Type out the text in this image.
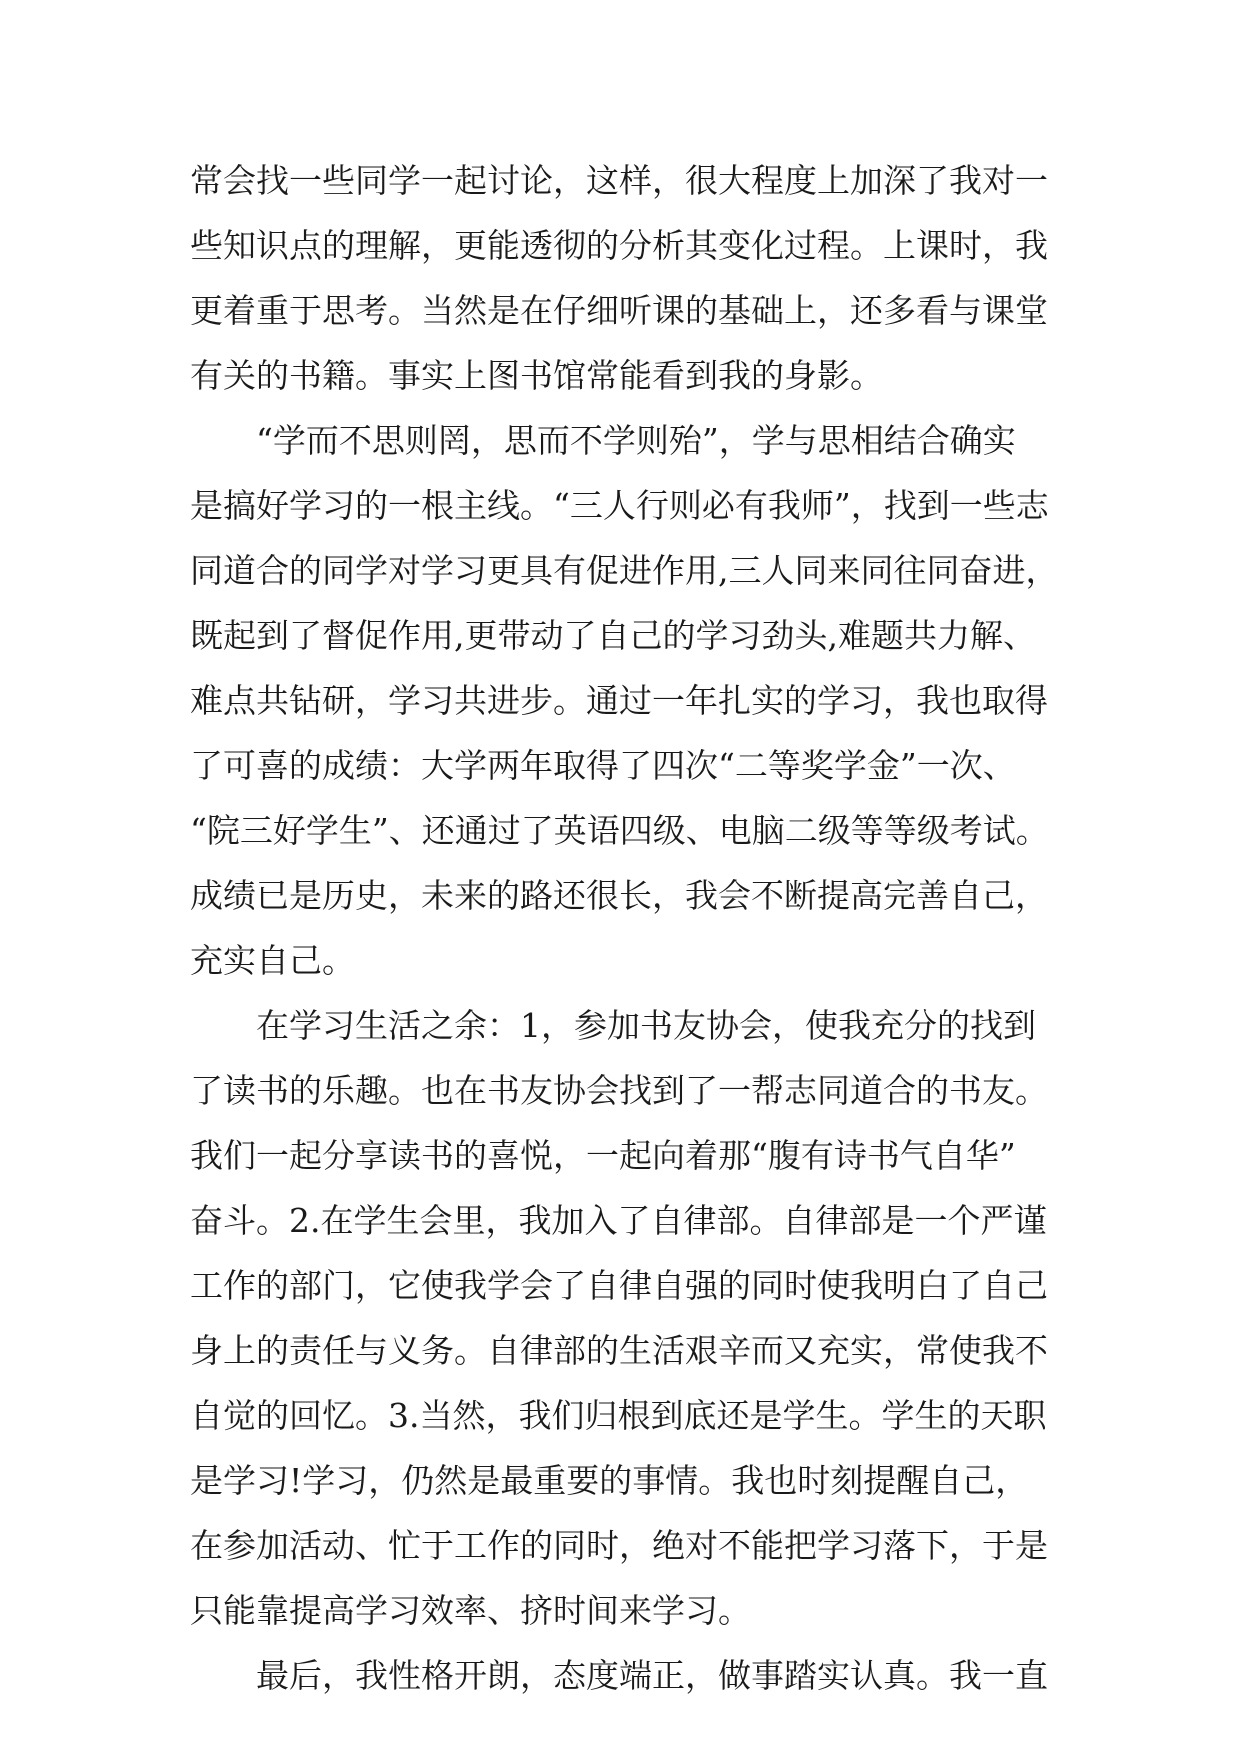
常会找一些同学一起讨论，这样，很大程度上加深了我对一
些知识点的理解，更能透彻的分析其变化过程。上课时，我
更着重于思考。当然是在仔细听课的基础上，还多看与课堂
有关的书籍。事实上图书馆常能看到我的身影。
“学而不思则罔，思而不学则殆”，学与思相结合确实
是搞好学习的一根主线。“三人行则必有我师”，找到一些志
同道合的同学对学习更具有促进作用,三人同来同往同奋进，
既起到了督促作用,更带动了自己的学习劲头,难题共力解、
难点共钻研，学习共进步。通过一年扎实的学习，我也取得
了可喜的成绩：大学两年取得了四次“二等奖学金”一次、
“院三好学生”、还通过了英语四级、电脑二级等等级考试。
成绩已是历史，未来的路还很长，我会不断提高完善自己，
充实自己。
在学习生活之余：1，参加书友协会，使我充分的找到
了读书的乐趣。也在书友协会找到了一帮志同道合的书友。
我们一起分享读书的喜悦，一起向着那“腹有诗书气自华”
奋斗。2.在学生会里，我加入了自律部。自律部是一个严谨
工作的部门，它使我学会了自律自强的同时使我明白了自己
身上的责任与义务。自律部的生活艰辛而又充实，常使我不
自觉的回忆。3.当然，我们归根到底还是学生。学生的天职
是学习!学习，仍然是最重要的事情。我也时刻提醒自己，
在参加活动、忙于工作的同时，绝对不能把学习落下，于是
只能靠提高学习效率、挤时间来学习。
最后，我性格开朗，态度端正，做事踏实认真。我一直
